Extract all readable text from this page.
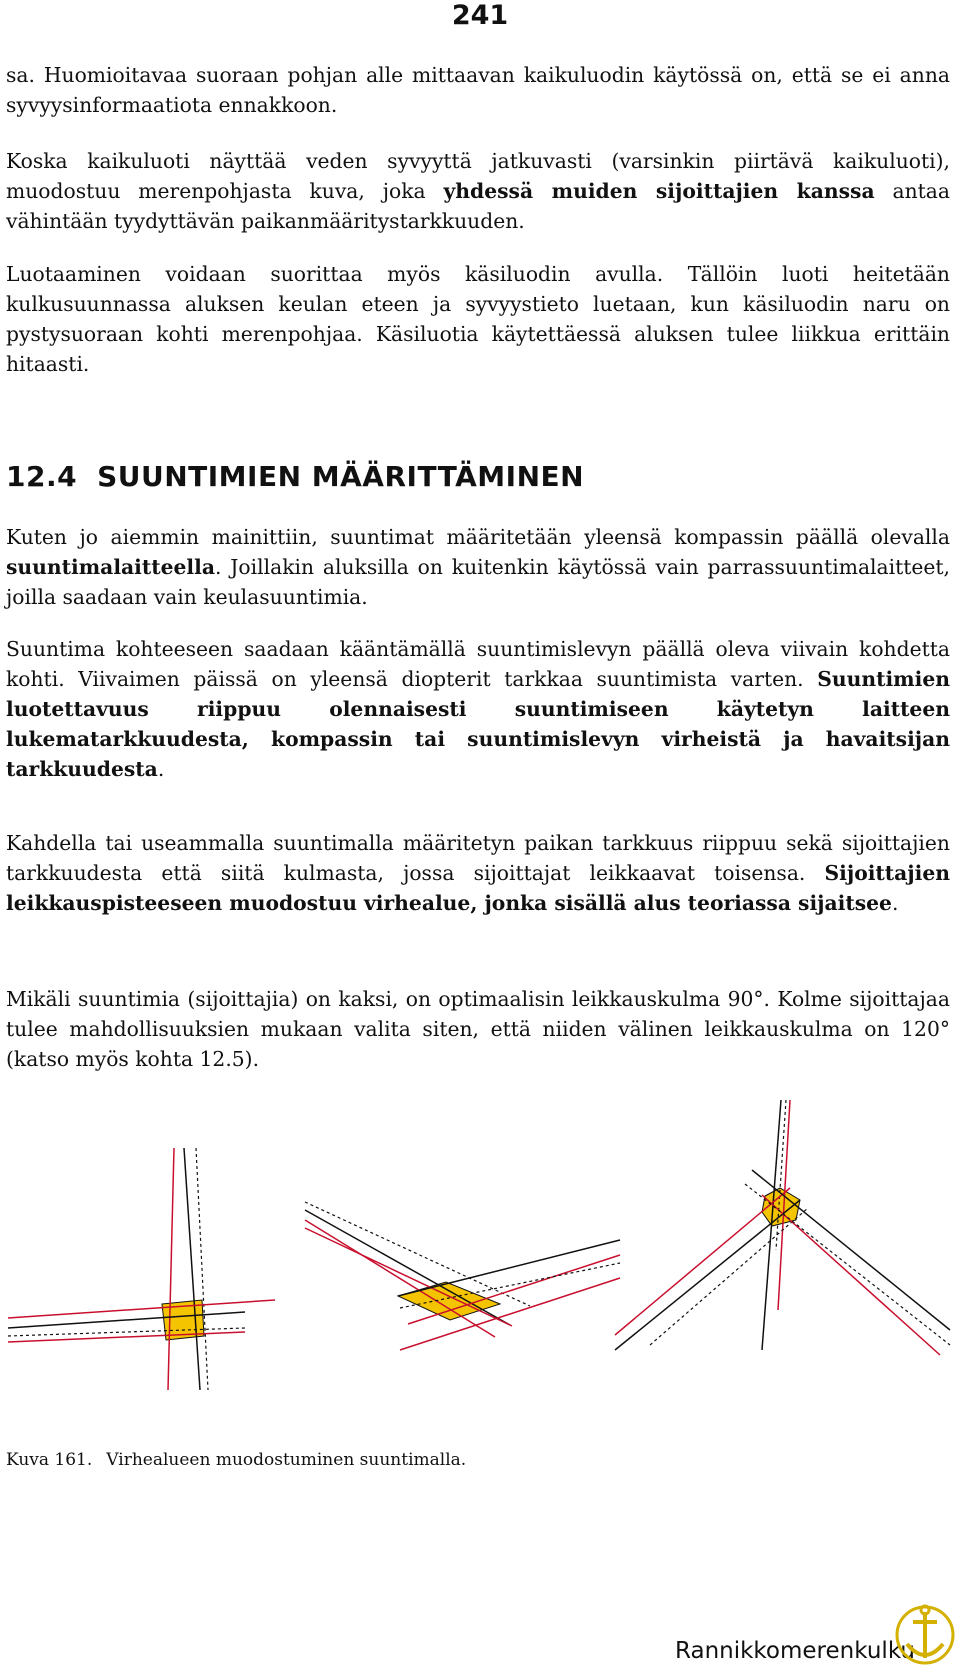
241

sa. Huomioitavaa suoraan pohjan alle mittaavan kaikuluodin käytössä on, että se ei anna syvyysinformaatiota ennakkoon.

Koska kaikuluoti näyttää veden syvyyttä jatkuvasti (varsinkin piirtävä kaikuluoti), muodostuu merenpohjasta kuva, joka yhdessä muiden sijoittajien kanssa antaa vähintään tyydyttävän paikanmääritystarkkuuden.

Luotaaminen voidaan suorittaa myös käsiluodin avulla. Tällöin luoti heitetään kulkusuunnassa aluksen keulan eteen ja syvyystieto luetaan, kun käsiluodin naru on pystysuoraan kohti merenpohjaa. Käsiluotia käytettäessä aluksen tulee liikkua erittäin hitaasti.

12.4 SUUNTIMIEN MÄÄRITTÄMINEN

Kuten jo aiemmin mainittiin, suuntimat määritetään yleensä kompassin päällä olevalla suuntimalaitteella. Joillakin aluksilla on kuitenkin käytössä vain parrassuuntimalaitteet, joilla saadaan vain keulasuuntimia.

Suuntima kohteeseen saadaan kääntämällä suuntimislevyn päällä oleva viivain kohdetta kohti. Viivaimen päissä on yleensä diopterit tarkkaa suuntimista varten. Suuntimien luotettavuus riippuu olennaisesti suuntimiseen käytetyn laitteen lukematarkkuudesta, kompassin tai suuntimislevyn virheistä ja havaitsijan tarkkuudesta.

Kahdella tai useammalla suuntimalla määritetyn paikan tarkkuus riippuu sekä sijoittajien tarkkuudesta että siitä kulmasta, jossa sijoittajat leikkaavat toisensa. Sijoittajien leikkauspisteeseen muodostuu virhealue, jonka sisällä alus teoriassa sijaitsee.

Mikäli suuntimia (sijoittajia) on kaksi, on optimaalisin leikkauskulma 90°. Kolme sijoittajaa tulee mahdollisuuksien mukaan valita siten, että niiden välinen leikkauskulma on 120° (katso myös kohta 12.5).

Kuva 161. Virhealueen muodostuminen suuntimalla.

Rannikkomerenkulku
